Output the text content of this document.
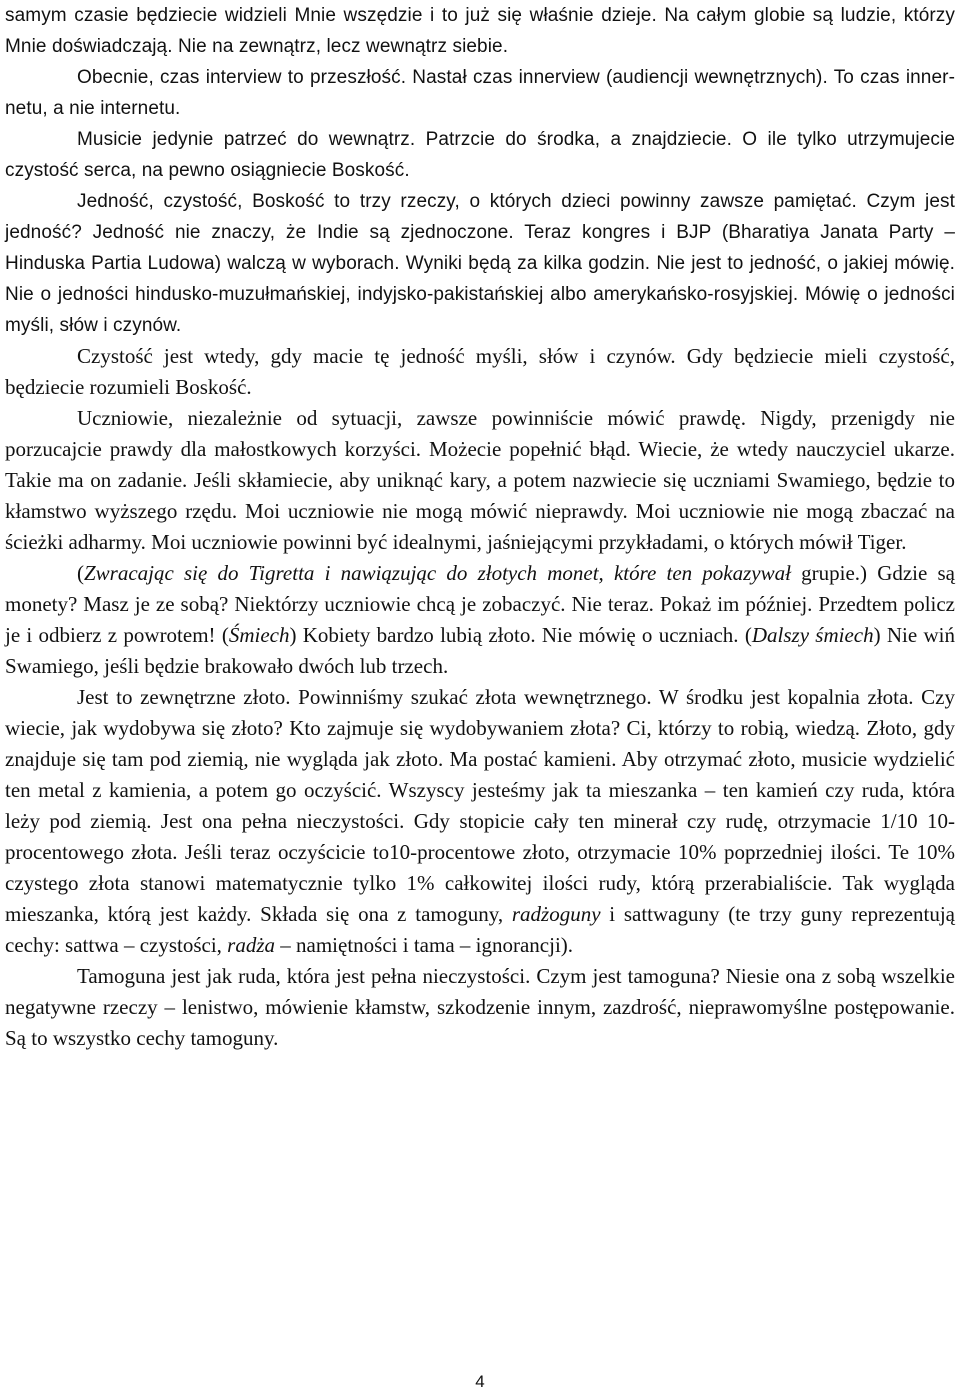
samym czasie będziecie widzieli Mnie wszędzie i to już się właśnie dzieje. Na całym globie są ludzie, którzy Mnie doświadczają. Nie na zewnątrz, lecz wewnątrz siebie.

Obecnie, czas interview to przeszłość. Nastał czas innerview (audiencji wewnętrznych). To czas inner-netu, a nie internetu.

Musicie jedynie patrzeć do wewnątrz. Patrzcie do środka, a znajdziecie. O ile tylko utrzymujecie czystość serca, na pewno osiągniecie Boskość.

Jedność, czystość, Boskość to trzy rzeczy, o których dzieci powinny zawsze pamiętać. Czym jest jedność? Jedność nie znaczy, że Indie są zjednoczone. Teraz kongres i BJP (Bharatiya Janata Party – Hinduska Partia Ludowa) walczą w wyborach. Wyniki będą za kilka godzin. Nie jest to jedność, o jakiej mówię. Nie o jedności hindusko-muzułmańskiej, indyjsko-pakistańskiej albo amerykańsko-rosyjskiej. Mówię o jedności myśli, słów i czynów.

Czystość jest wtedy, gdy macie tę jedność myśli, słów i czynów. Gdy będziecie mieli czystość, będziecie rozumieli Boskość.

Uczniowie, niezależnie od sytuacji, zawsze powinniście mówić prawdę. Nigdy, przenigdy nie porzucajcie prawdy dla małostkowych korzyści. Możecie popełnić błąd. Wiecie, że wtedy nauczyciel ukarze. Takie ma on zadanie. Jeśli skłamiecie, aby uniknąć kary, a potem nazwiecie się uczniami Swamiego, będzie to kłamstwo wyższego rzędu. Moi uczniowie nie mogą mówić nieprawdy. Moi uczniowie nie mogą zbaczać na ścieżki adharmy. Moi uczniowie powinni być idealnymi, jaśniejącymi przykładami, o których mówił Tiger.

(Zwracając się do Tigretta i nawiązując do złotych monet, które ten pokazywał grupie.) Gdzie są monety? Masz je ze sobą? Niektórzy uczniowie chcą je zobaczyć. Nie teraz. Pokaż im później. Przedtem policz je i odbierz z powrotem! (Śmiech) Kobiety bardzo lubią złoto. Nie mówię o uczniach. (Dalszy śmiech) Nie wiń Swamiego, jeśli będzie brakowało dwóch lub trzech.

Jest to zewnętrzne złoto. Powinniśmy szukać złota wewnętrznego. W środku jest kopalnia złota. Czy wiecie, jak wydobywa się złoto? Kto zajmuje się wydobywaniem złota? Ci, którzy to robią, wiedzą. Złoto, gdy znajduje się tam pod ziemią, nie wygląda jak złoto. Ma postać kamieni. Aby otrzymać złoto, musicie wydzielić ten metal z kamienia, a potem go oczyścić. Wszyscy jesteśmy jak ta mieszanka – ten kamień czy ruda, która leży pod ziemią. Jest ona pełna nieczystości. Gdy stopicie cały ten minerał czy rudę, otrzymacie 1/10 10-procentowego złota. Jeśli teraz oczyścicie to10-procentowe złoto, otrzymacie 10% poprzedniej ilości. Te 10% czystego złota stanowi matematycznie tylko 1% całkowitej ilości rudy, którą przerabialiście. Tak wygląda mieszanka, którą jest każdy. Składa się ona z tamoguny, radżoguny i sattwaguny (te trzy guny reprezentują cechy: sattwa – czystości, radża – namiętności i tama – ignorancji).

Tamoguna jest jak ruda, która jest pełna nieczystości. Czym jest tamoguna? Niesie ona z sobą wszelkie negatywne rzeczy – lenistwo, mówienie kłamstw, szkodzenie innym, zazdrość, nieprawomyślne postępowanie. Są to wszystko cechy tamoguny.

4
